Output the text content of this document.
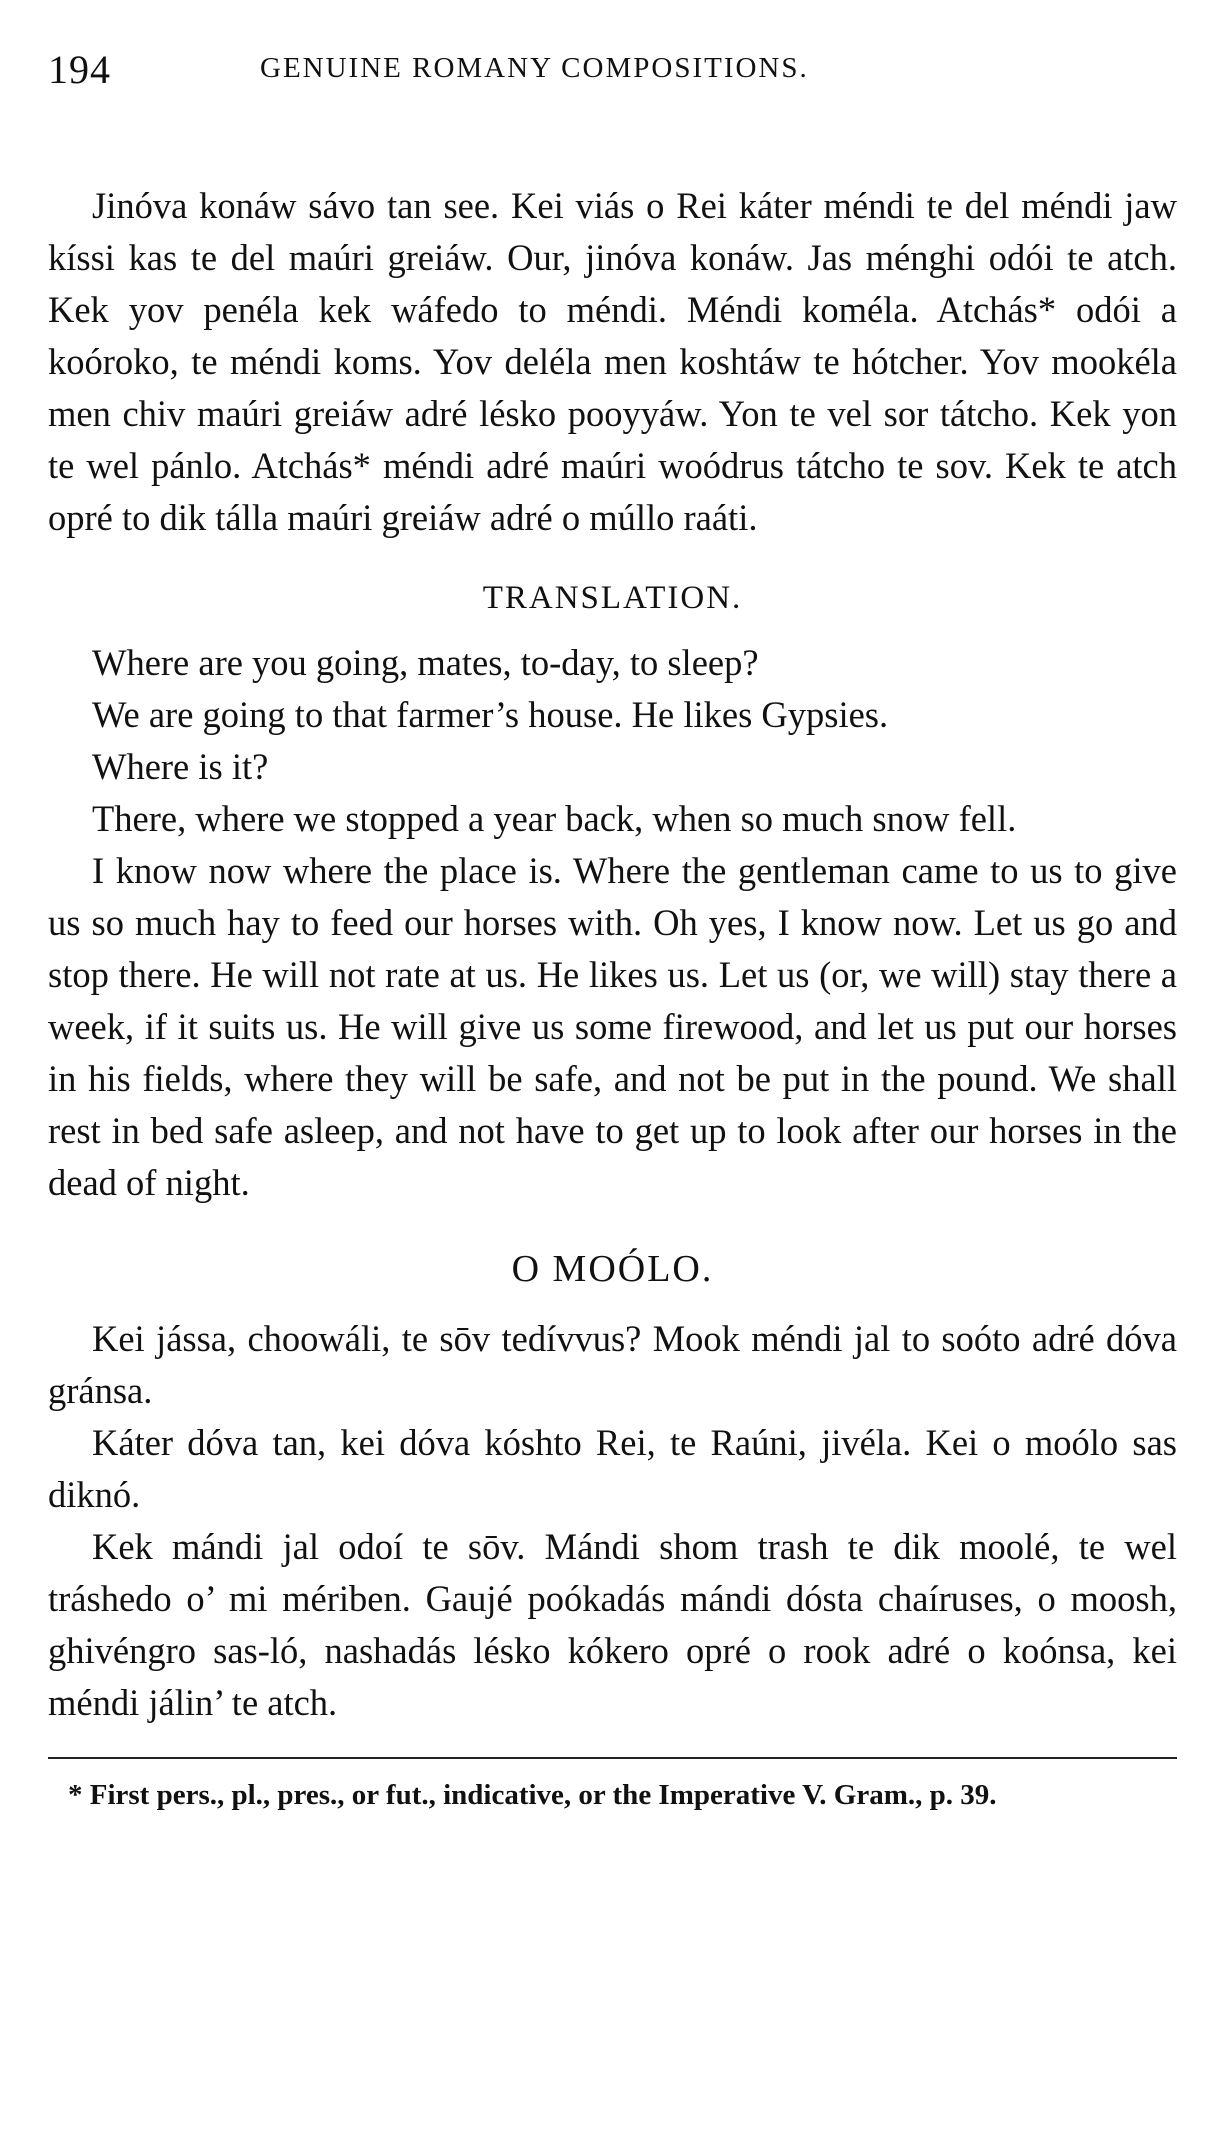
194	GENUINE ROMANY COMPOSITIONS.

Jinóva konáw sávo tan see. Kei viás o Rei káter méndi te del méndi jaw kíssi kas te del maúri greiáw. Our, jinóva konáw. Jas ménghi odói te atch. Kek yov penéla kek wáfedo to méndi. Méndi koméla. Atchás* odói a koóroko, te méndi koms. Yov deléla men koshtáw te hótcher. Yov mookéla men chiv maúri greiáw adré lésko pooyyáw. Yon te vel sor tátcho. Kek yon te wel pánlo. Atchás* méndi adré maúri woódrus tátcho te sov. Kek te atch opré to dik tálla maúri greiáw adré o múllo raáti.

TRANSLATION.

Where are you going, mates, to-day, to sleep?

We are going to that farmer’s house. He likes Gypsies.

Where is it?

There, where we stopped a year back, when so much snow fell.

I know now where the place is. Where the gentleman came to us to give us so much hay to feed our horses with. Oh yes, I know now. Let us go and stop there. He will not rate at us. He likes us. Let us (or, we will) stay there a week, if it suits us. He will give us some firewood, and let us put our horses in his fields, where they will be safe, and not be put in the pound. We shall rest in bed safe asleep, and not have to get up to look after our horses in the dead of night.

O MOÓLO.

Kei jássa, choowáli, te sōv tedívvus? Mook méndi jal to soóto adré dóva gránsa.

Káter dóva tan, kei dóva kóshto Rei, te Raúni, jivéla. Kei o moólo sas diknó.

Kek mándi jal odoí te sōv. Mándi shom trash te dik moolé, te wel tráshedo o’ mi mériben. Gaujé poókadás mándi dósta chaíruses, o moosh, ghivéngro sas-ló, nashadás lésko kókero opré o rook adré o koónsa, kei méndi jálin’ te atch.

* First pers., pl., pres., or fut., indicative, or the Imperative V. Gram., p. 39.
